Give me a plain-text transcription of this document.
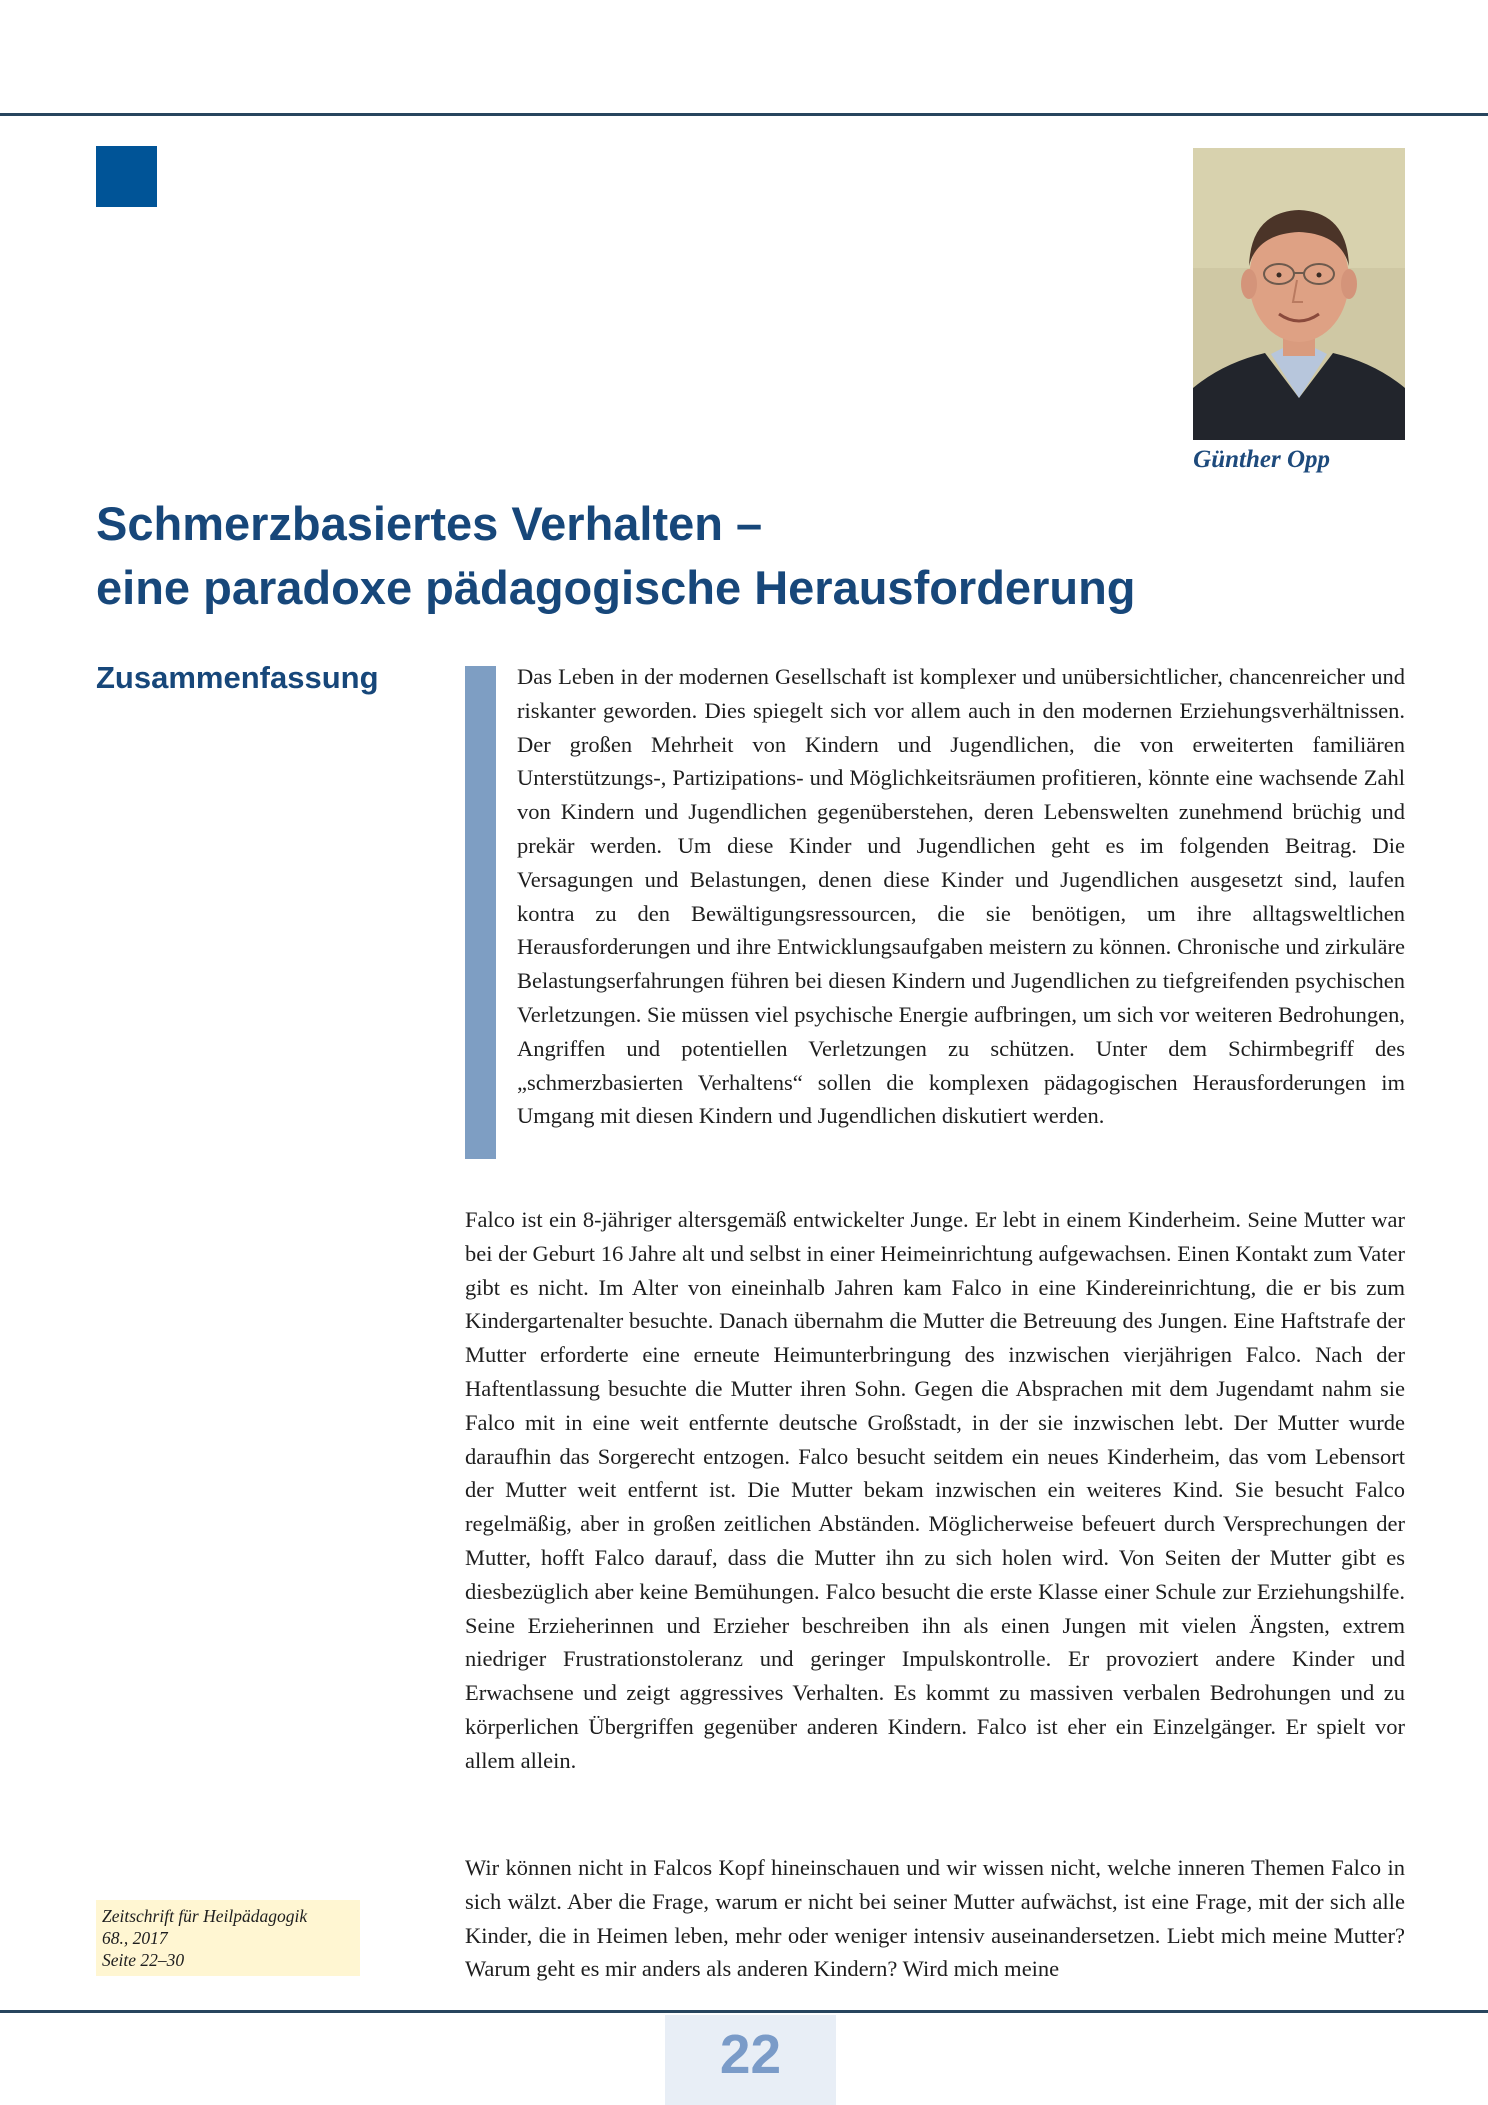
Günther Opp
Schmerzbasiertes Verhalten –
eine paradoxe pädagogische Herausforderung
Zusammenfassung	Das Leben in der modernen Gesellschaft ist komplexer und unübersichtlicher, chancenreicher und riskanter geworden. Dies spiegelt sich vor allem auch in den modernen Erziehungsverhältnissen. Der großen Mehrheit von Kindern und Jugendlichen, die von erweiterten familiären Unterstützungs-, Partizipations- und Möglichkeitsräumen profitieren, könnte eine wachsende Zahl von Kindern und Jugendlichen gegenüberstehen, deren Lebenswelten zunehmend brüchig und prekär werden. Um diese Kinder und Jugendlichen geht es im folgenden Beitrag. Die Versagungen und Belastungen, denen diese Kinder und Jugendlichen ausgesetzt sind, laufen kontra zu den Bewältigungsressourcen, die sie benötigen, um ihre alltagsweltlichen Herausforderungen und ihre Entwicklungsaufgaben meistern zu können. Chronische und zirkuläre Belastungserfahrungen führen bei diesen Kindern und Jugendlichen zu tiefgreifenden psychischen Verletzungen. Sie müssen viel psychische Energie aufbringen, um sich vor weiteren Bedrohungen, Angriffen und potentiellen Verletzungen zu schützen. Unter dem Schirmbegriff des „schmerzbasierten Verhaltens“ sollen die komplexen pädagogischen Herausforderungen im Umgang mit diesen Kindern und Jugendlichen diskutiert werden.

Falco ist ein 8-jähriger altersgemäß entwickelter Junge. Er lebt in einem Kinderheim. Seine Mutter war bei der Geburt 16 Jahre alt und selbst in einer Heimeinrichtung aufgewachsen. Einen Kontakt zum Vater gibt es nicht. Im Alter von eineinhalb Jahren kam Falco in eine Kindereinrichtung, die er bis zum Kindergartenalter besuchte. Danach übernahm die Mutter die Betreuung des Jungen. Eine Haftstrafe der Mutter erforderte eine erneute Heimunterbringung des inzwischen vierjährigen Falco. Nach der Haftentlassung besuchte die Mutter ihren Sohn. Gegen die Absprachen mit dem Jugendamt nahm sie Falco mit in eine weit entfernte deutsche Großstadt, in der sie inzwischen lebt. Der Mutter wurde daraufhin das Sorgerecht entzogen. Falco besucht seitdem ein neues Kinderheim, das vom Lebensort der Mutter weit entfernt ist. Die Mutter bekam inzwischen ein weiteres Kind. Sie besucht Falco regelmäßig, aber in großen zeitlichen Abständen. Möglicherweise befeuert durch Versprechungen der Mutter, hofft Falco darauf, dass die Mutter ihn zu sich holen wird. Von Seiten der Mutter gibt es diesbezüglich aber keine Bemühungen. Falco besucht die erste Klasse einer Schule zur Erziehungshilfe. Seine Erzieherinnen und Erzieher beschreiben ihn als einen Jungen mit vielen Ängsten, extrem niedriger Frustrationstoleranz und geringer Impulskontrolle. Er provoziert andere Kinder und Erwachsene und zeigt aggressives Verhalten. Es kommt zu massiven verbalen Bedrohungen und zu körperlichen Übergriffen gegenüber anderen Kindern. Falco ist eher ein Einzelgänger. Er spielt vor allem allein.

Wir können nicht in Falcos Kopf hineinschauen und wir wissen nicht, welche inneren Themen Falco in sich wälzt. Aber die Frage, warum er nicht bei seiner Mutter aufwächst, ist eine Frage, mit der sich alle Kinder, die in Heimen leben, mehr oder weniger intensiv auseinandersetzen. Liebt mich meine Mutter? Warum geht es mir anders als anderen Kindern? Wird mich meine

Zeitschrift für Heilpädagogik
68., 2017
Seite 22–30
22
